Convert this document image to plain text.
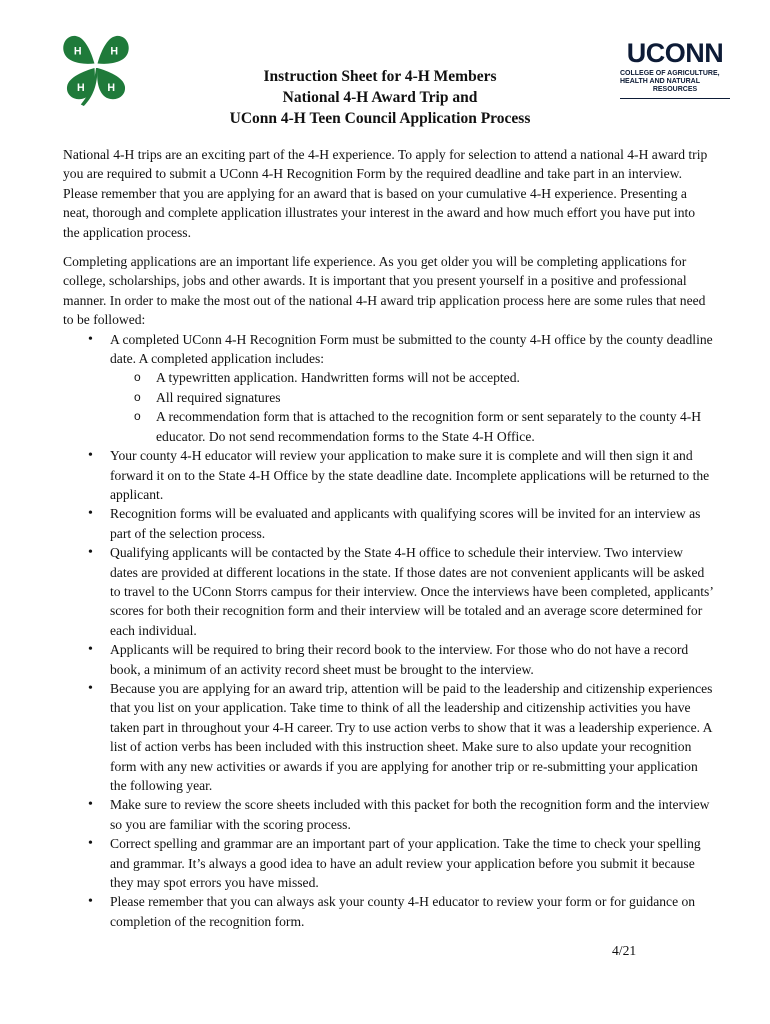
H H
H H
UCONN
COLLEGE OF AGRICULTURE,
HEALTH AND NATURAL
RESOURCES
Instruction Sheet for 4-H Members
National 4-H Award Trip and
UConn 4-H Teen Council Application Process

National 4-H trips are an exciting part of the 4-H experience. To apply for selection to attend a national 4-H award trip you are required to submit a UConn 4-H Recognition Form by the required deadline and take part in an interview. Please remember that you are applying for an award that is based on your cumulative 4-H experience. Presenting a neat, thorough and complete application illustrates your interest in the award and how much effort you have put into the application process.

Completing applications are an important life experience. As you get older you will be completing applications for college, scholarships, jobs and other awards. It is important that you present yourself in a positive and professional manner. In order to make the most out of the national 4-H award trip application process here are some rules that need to be followed:

• A completed UConn 4-H Recognition Form must be submitted to the county 4-H office by the county deadline date. A completed application includes:
o A typewritten application. Handwritten forms will not be accepted.
o All required signatures
o A recommendation form that is attached to the recognition form or sent separately to the county 4-H educator. Do not send recommendation forms to the State 4-H Office.
• Your county 4-H educator will review your application to make sure it is complete and will then sign it and forward it on to the State 4-H Office by the state deadline date. Incomplete applications will be returned to the applicant.
• Recognition forms will be evaluated and applicants with qualifying scores will be invited for an interview as part of the selection process.
• Qualifying applicants will be contacted by the State 4-H office to schedule their interview. Two interview dates are provided at different locations in the state. If those dates are not convenient applicants will be asked to travel to the UConn Storrs campus for their interview. Once the interviews have been completed, applicants’ scores for both their recognition form and their interview will be totaled and an average score determined for each individual.
• Applicants will be required to bring their record book to the interview. For those who do not have a record book, a minimum of an activity record sheet must be brought to the interview.
• Because you are applying for an award trip, attention will be paid to the leadership and citizenship experiences that you list on your application. Take time to think of all the leadership and citizenship activities you have taken part in throughout your 4-H career. Try to use action verbs to show that it was a leadership experience. A list of action verbs has been included with this instruction sheet. Make sure to also update your recognition form with any new activities or awards if you are applying for another trip or re-submitting your application the following year.
• Make sure to review the score sheets included with this packet for both the recognition form and the interview so you are familiar with the scoring process.
• Correct spelling and grammar are an important part of your application. Take the time to check your spelling and grammar. It’s always a good idea to have an adult review your application before you submit it because they may spot errors you have missed.
• Please remember that you can always ask your county 4-H educator to review your form or for guidance on completion of the recognition form.
4/21
